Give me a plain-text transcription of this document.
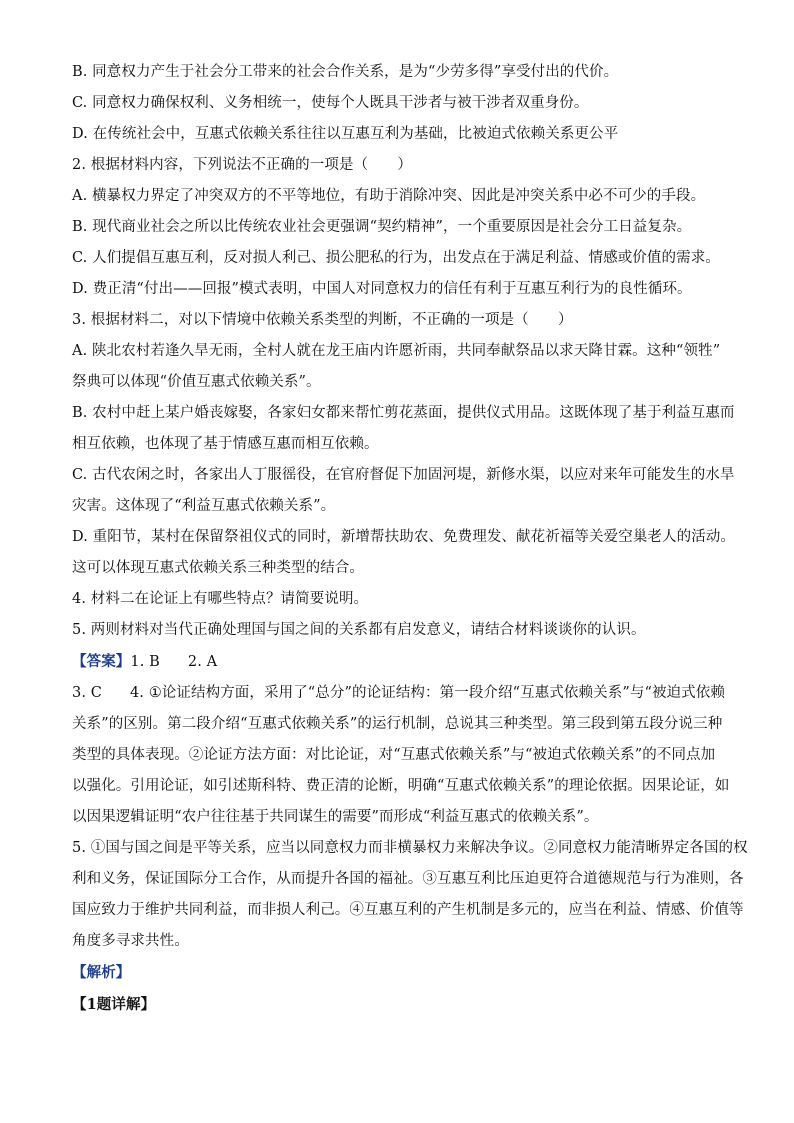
B. 同意权力产生于社会分工带来的社会合作关系，是为“少劳多得”享受付出的代价。
C. 同意权力确保权利、义务相统一，使每个人既具干涉者与被干涉者双重身份。
D. 在传统社会中，互惠式依赖关系往往以互惠互利为基础，比被迫式依赖关系更公平
2. 根据材料内容，下列说法不正确的一项是（　　）
A. 横暴权力界定了冲突双方的不平等地位，有助于消除冲突、因此是冲突关系中必不可少的手段。
B. 现代商业社会之所以比传统农业社会更强调“契约精神”，一个重要原因是社会分工日益复杂。
C. 人们提倡互惠互利，反对损人利己、损公肥私的行为，出发点在于满足利益、情感或价值的需求。
D. 费正清“付出——回报”模式表明，中国人对同意权力的信任有利于互惠互利行为的良性循环。
3. 根据材料二，对以下情境中依赖关系类型的判断，不正确的一项是（　　）
A. 陕北农村若逢久旱无雨，全村人就在龙王庙内许愿祈雨，共同奉献祭品以求天降甘霖。这种“领牲”
祭典可以体现“价值互惠式依赖关系”。
B. 农村中赶上某户婚丧嫁娶，各家妇女都来帮忙剪花蒸面，提供仪式用品。这既体现了基于利益互惠而
相互依赖，也体现了基于情感互惠而相互依赖。
C. 古代农闲之时，各家出人丁服徭役，在官府督促下加固河堤，新修水渠，以应对来年可能发生的水旱
灾害。这体现了“利益互惠式依赖关系”。
D. 重阳节，某村在保留祭祖仪式的同时，新增帮扶助农、免费理发、献花祈福等关爱空巢老人的活动。
这可以体现互惠式依赖关系三种类型的结合。
4. 材料二在论证上有哪些特点？请简要说明。
5. 两则材料对当代正确处理国与国之间的关系都有启发意义，请结合材料谈谈你的认识。
【答案】1. B 2. A
3. C 4. ①论证结构方面，采用了“总分”的论证结构：第一段介绍“互惠式依赖关系”与“被迫式依赖
关系”的区别。第二段介绍“互惠式依赖关系”的运行机制，总说其三种类型。第三段到第五段分说三种
类型的具体表现。②论证方法方面：对比论证，对“互惠式依赖关系”与“被迫式依赖关系”的不同点加
以强化。引用论证，如引述斯科特、费正清的论断，明确“互惠式依赖关系”的理论依据。因果论证，如
以因果逻辑证明“农户往往基于共同谋生的需要”而形成“利益互惠式的依赖关系”。
5. ①国与国之间是平等关系，应当以同意权力而非横暴权力来解决争议。②同意权力能清晰界定各国的权
利和义务，保证国际分工合作，从而提升各国的福祉。③互惠互利比压迫更符合道德规范与行为准则，各
国应致力于维护共同利益，而非损人利己。④互惠互利的产生机制是多元的，应当在利益、情感、价值等
角度多寻求共性。
【解析】
【1题详解】
